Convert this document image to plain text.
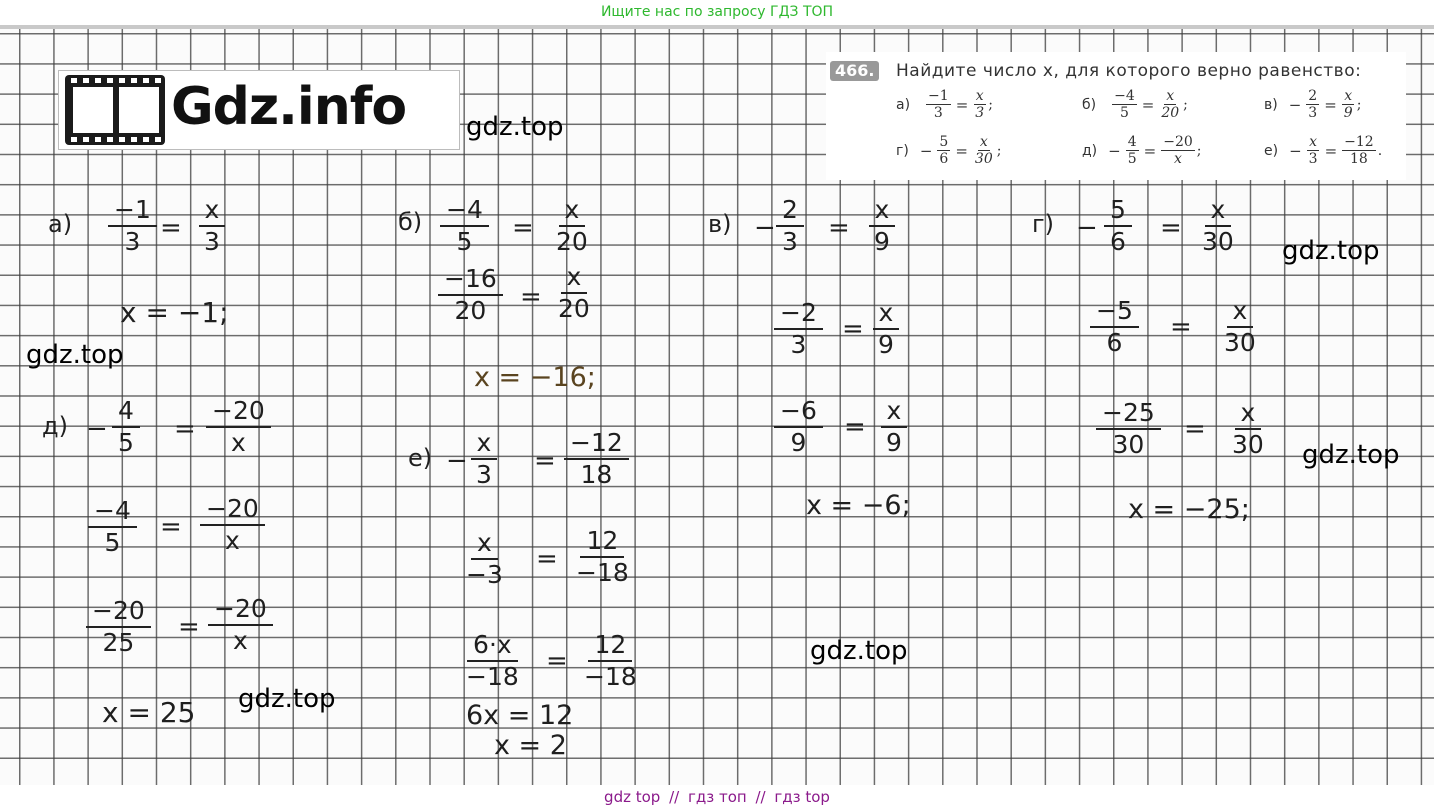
Ищите нас по запросу ГДЗ ТОП
Gdz.info
466. Найдите число x, для которого верно равенство:
$а) \frac{-1}{3} = \frac{x}{3}$ ;	$б) \frac{-4}{5} = \frac{x}{20}$ ;	$в) - \frac{2}{3} = \frac{x}{9}$ ;
$г) - \frac{5}{6} = \frac{x}{30}$ ;	$д) - \frac{4}{5} = \frac{-20}{x}$ ;	$е) - \frac{x}{3} = \frac{-12}{18}$ .
$а) \frac{-1}{3} = \frac{x}{3}$
x = −1;
$б) \frac{-4}{5} = \frac{x}{20}$
$\frac{-16}{20} = \frac{x}{20}$
x = −16;
$в) - \frac{2}{3} = \frac{x}{9}$
$\frac{-2}{3} = \frac{x}{9}$
$\frac{-6}{9} = \frac{x}{9}$
x = −6;
$г) - \frac{5}{6} = \frac{x}{30}$
$\frac{-5}{6} = \frac{x}{30}$
$\frac{-25}{30} = \frac{x}{30}$
x = −25;
$д) - \frac{4}{5} = \frac{-20}{x}$
$\frac{-4}{5} = \frac{-20}{x}$
$\frac{-20}{25} = \frac{-20}{x}$
x = 25
$е) - \frac{x}{3} = \frac{-12}{18}$
$\frac{x}{-3} = \frac{12}{-18}$
$\frac{6\cdot x}{-18} = \frac{12}{-18}$
6x = 12
x = 2
gdz.top
gdz.top
gdz.top
gdz.top
gdz.top
gdz.top
gdz top // гдз топ // гдз top
